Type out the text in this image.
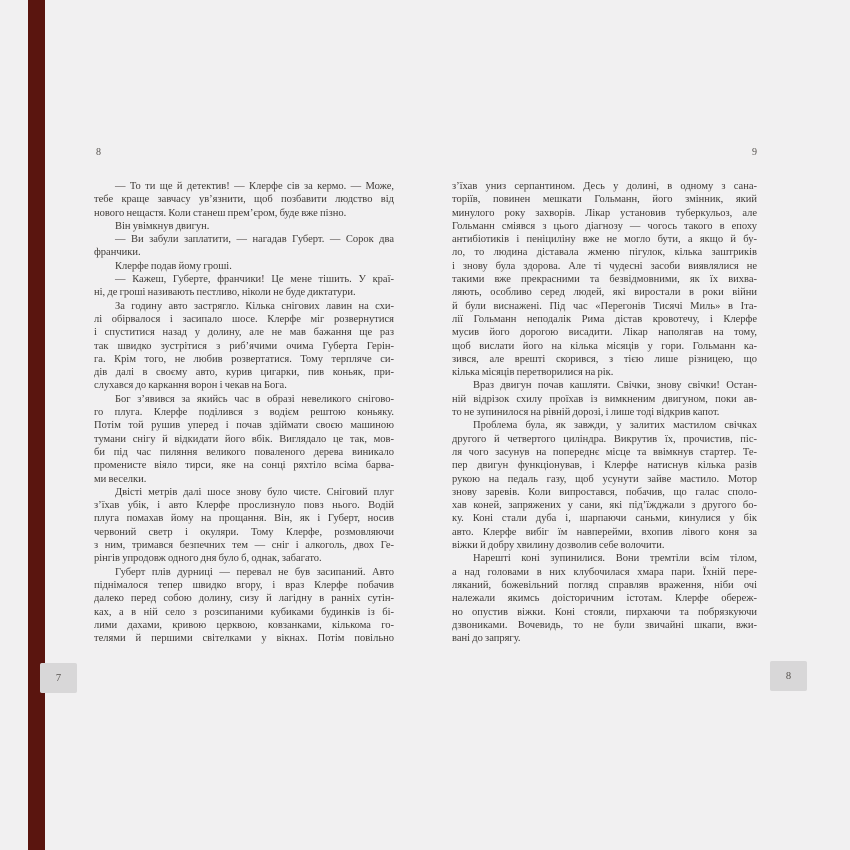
8	9
— То ти ще й детектив! — Клерфе сів за кермо. — Може,
тебе краще завчасу ув’язнити, щоб позбавити людство від
нового нещастя. Коли станеш прем’єром, буде вже пізно.
Він увімкнув двигун.
— Ви забули заплатити, — нагадав Губерт. — Сорок два
франчики.
Клерфе подав йому гроші.
— Кажеш, Губерте, франчики! Це мене тішить. У краї-
ні, де гроші називають пестливо, ніколи не буде диктатури.
За годину авто застрягло. Кілька снігових лавин на схи-
лі обірвалося і засипало шосе. Клерфе міг розвернутися
і спуститися назад у долину, але не мав бажання ще раз
так швидко зустрітися з риб’ячими очима Губерта Герін-
га. Крім того, не любив розвертатися. Тому терпляче си-
дів далі в своєму авто, курив цигарки, пив коньяк, при-
слухався до каркання ворон і чекав на Бога.
Бог з’явився за якийсь час в образі невеликого снігово-
го плуга. Клерфе поділився з водієм рештою коньяку.
Потім той рушив уперед і почав здіймати своєю машиною
тумани снігу й відкидати його вбік. Виглядало це так, мов-
би під час пиляння великого поваленого дерева виникало
променисте віяло тирси, яке на сонці ряхтіло всіма барва-
ми веселки.
Двісті метрів далі шосе знову було чисте. Сніговий плуг
з’їхав убік, і авто Клерфе прослизнуло повз нього. Водій
плуга помахав йому на прощання. Він, як і Губерт, носив
червоний светр і окуляри. Тому Клерфе, розмовляючи
з ним, тримався безпечних тем — сніг і алкоголь, двох Ге-
рінгів упродовж одного дня було б, однак, забагато.
Губерт плів дурниці — перевал не був засипаний. Авто
піднімалося тепер швидко вгору, і враз Клерфе побачив
далеко перед собою долину, сизу й лагідну в ранніх сутін-
ках, а в ній село з розсипаними кубиками будинків із бі-
лими дахами, кривою церквою, ковзанками, кількома го-
телями й першими світелками у вікнах. Потім повільно
з’їхав униз серпантином. Десь у долині, в одному з сана-
торіїв, повинен мешкати Гольманн, його змінник, який
минулого року захворів. Лікар установив туберкульоз, але
Гольманн сміявся з цього діагнозу — чогось такого в епоху
антибіотиків і пеніциліну вже не могло бути, а якщо й бу-
ло, то людина діставала жменю пігулок, кілька заштриків
і знову була здорова. Але ті чудесні засоби виявлялися не
такими вже прекрасними та безвідмовними, як їх вихва-
ляють, особливо серед людей, які виростали в роки війни
й були виснажені. Під час «Перегонів Тисячі Миль» в Іта-
лії Гольманн неподалік Рима дістав кровотечу, і Клерфе
мусив його дорогою висадити. Лікар наполягав на тому,
щоб вислати його на кілька місяців у гори. Гольманн ка-
зився, але врешті скорився, з тією лише різницею, що
кілька місяців перетворилися на рік.
Враз двигун почав кашляти. Свічки, знову свічки! Остан-
ній відрізок схилу проїхав із вимкненим двигуном, поки ав-
то не зупинилося на рівній дорозі, і лише тоді відкрив капот.
Проблема була, як завжди, у залитих мастилом свічках
другого й четвертого циліндра. Викрутив їх, прочистив, піс-
ля чого засунув на попереднє місце та ввімкнув стартер. Те-
пер двигун функціонував, і Клерфе натиснув кілька разів
рукою на педаль газу, щоб усунути зайве мастило. Мотор
знову заревів. Коли випростався, побачив, що галас споло-
хав коней, запряжених у сани, які під’їжджали з другого бо-
ку. Коні стали дуба і, шарпаючи саньми, кинулися у бік
авто. Клерфе вибіг їм навперейми, вхопив лівого коня за
віжки й добру хвилину дозволив себе волочити.
Нарешті коні зупинилися. Вони тремтіли всім тілом,
а над головами в них клубочилася хмара пари. Їхній пере-
ляканий, божевільний погляд справляв враження, ніби очі
належали якимсь доісторичним істотам. Клерфе обереж-
но опустив віжки. Коні стояли, пирхаючи та побрязкуючи
дзвониками. Вочевидь, то не були звичайні шкапи, вжи-
вані до запрягу.
7	8
